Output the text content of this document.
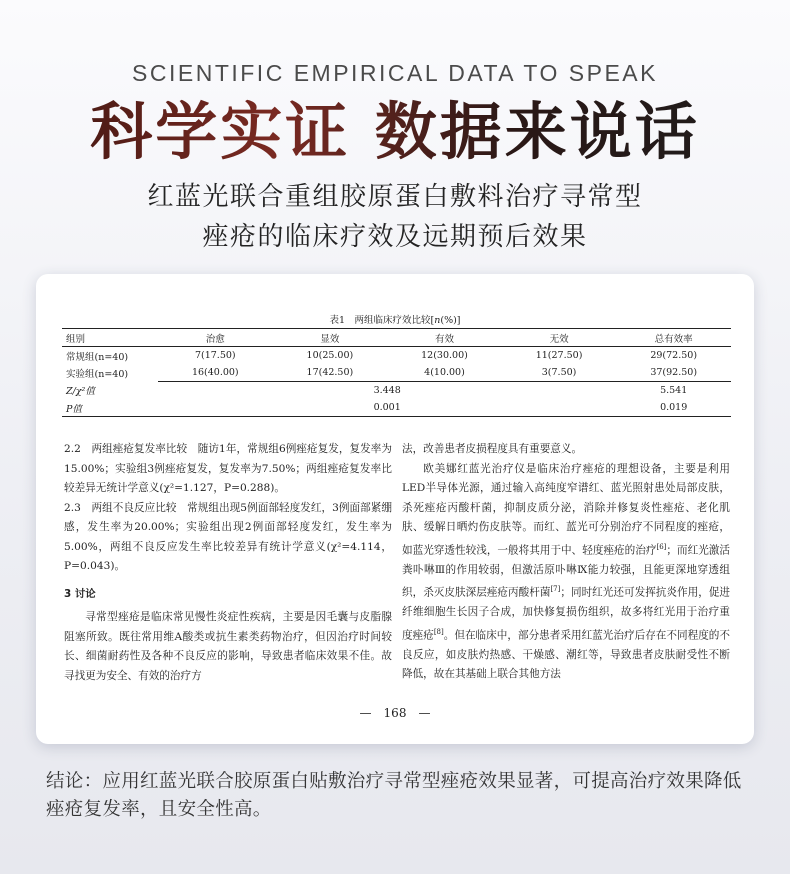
SCIENTIFIC EMPIRICAL DATA TO SPEAK
科学实证 数据来说话
红蓝光联合重组胶原蛋白敷料治疗寻常型
痤疮的临床疗效及远期预后效果
表1　两组临床疗效比较[n(%)]
组别	治愈	显效	有效	无效	总有效率
常规组(n=40)	7(17.50)	10(25.00)	12(30.00)	11(27.50)	29(72.50)
实验组(n=40)	16(40.00)	17(42.50)	4(10.00)	3(7.50)	37(92.50)
Z/χ²值	3.448				5.541
P值	0.001				0.019

2.2　两组痤疮复发率比较　随访1年，常规组6例痤疮复发，复发率为15.00%；实验组3例痤疮复发，复发率为7.50%；两组痤疮复发率比较差异无统计学意义(χ²=1.127，P=0.288)。

2.3　两组不良反应比较　常规组出现5例面部轻度发红，3例面部紧绷感，发生率为20.00%；实验组出现2例面部轻度发红，发生率为5.00%，两组不良反应发生率比较差异有统计学意义(χ²=4.114，P=0.043)。

3 讨论

寻常型痤疮是临床常见慢性炎症性疾病，主要是因毛囊与皮脂腺阻塞所致。既往常用维A酸类或抗生素类药物治疗，但因治疗时间较长、细菌耐药性及各种不良反应的影响，导致患者临床效果不佳。故寻找更为安全、有效的治疗方

法，改善患者皮损程度具有重要意义。

欧美娜红蓝光治疗仪是临床治疗痤疮的理想设备，主要是利用LED半导体光源，通过输入高纯度窄谱红、蓝光照射患处局部皮肤，杀死痤疮丙酸杆菌，抑制皮质分泌，消除并修复炎性痤疮、老化肌肤、缓解日晒灼伤皮肤等。而红、蓝光可分别治疗不同程度的痤疮，如蓝光穿透性较浅，一般将其用于中、轻度痤疮的治疗[6]；而红光激活粪卟啉Ⅲ的作用较弱，但激活原卟啉Ⅸ能力较强，且能更深地穿透组织，杀灭皮肤深层痤疮丙酸杆菌[7]；同时红光还可发挥抗炎作用，促进纤维细胞生长因子合成，加快修复损伤组织，故多将红光用于治疗重度痤疮[8]。但在临床中，部分患者采用红蓝光治疗后存在不同程度的不良反应，如皮肤灼热感、干燥感、潮红等，导致患者皮肤耐受性不断降低，故在其基础上联合其他方法

—　168　—
结论：应用红蓝光联合胶原蛋白贴敷治疗寻常型痤疮效果显著，可提高治疗效果降低痤疮复发率，且安全性高。
